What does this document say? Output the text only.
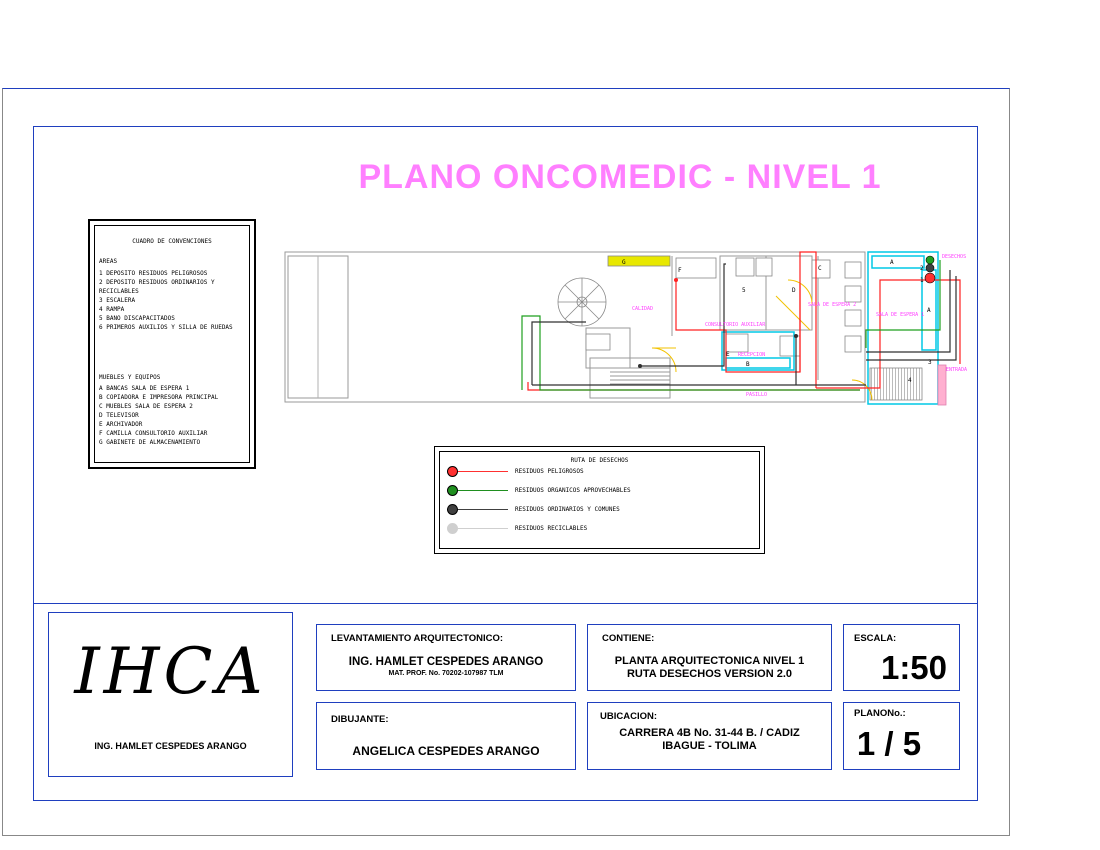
PLANO ONCOMEDIC - NIVEL 1
CUADRO DE CONVENCIONES
AREAS
1 DEPOSITO RESIDUOS PELIGROSOS
2 DEPOSITO RESIDUOS ORDINARIOS Y
RECICLABLES
3 ESCALERA
4 RAMPA
5 BANO DISCAPACITADOS
6 PRIMEROS AUXILIOS Y SILLA DE RUEDAS
MUEBLES Y EQUIPOS
A BANCAS SALA DE ESPERA 1
B COPIADORA E IMPRESORA PRINCIPAL
C MUEBLES SALA DE ESPERA 2
D TELEVISOR
E ARCHIVADOR
F CAMILLA CONSULTORIO AUXILIAR
G GABINETE DE ALMACENAMIENTO
G
F
5	D
C
E
B
A
A
1
2
3
4
CALIDAD
CONSULTORIO AUXILIAR
RECEPCION
SALA DE ESPERA 2
SALA DE ESPERA 1
PASILLO
ENTRADA
DESECHOS
RUTA DE DESECHOS
RESIDUOS PELIGROSOS
RESIDUOS ORGANICOS APROVECHABLES
RESIDUOS ORDINARIOS Y COMUNES
RESIDUOS RECICLABLES
IHCA
ING. HAMLET CESPEDES ARANGO
LEVANTAMIENTO ARQUITECTONICO:
ING. HAMLET CESPEDES ARANGO
MAT. PROF. No. 70202-107987 TLM
CONTIENE:
PLANTA ARQUITECTONICA NIVEL 1
RUTA DESECHOS VERSION 2.0
ESCALA:
1:50
DIBUJANTE:
ANGELICA CESPEDES ARANGO
UBICACION:
CARRERA 4B No. 31-44 B. / CADIZ
IBAGUE - TOLIMA
PLANONo.:
1 / 5
